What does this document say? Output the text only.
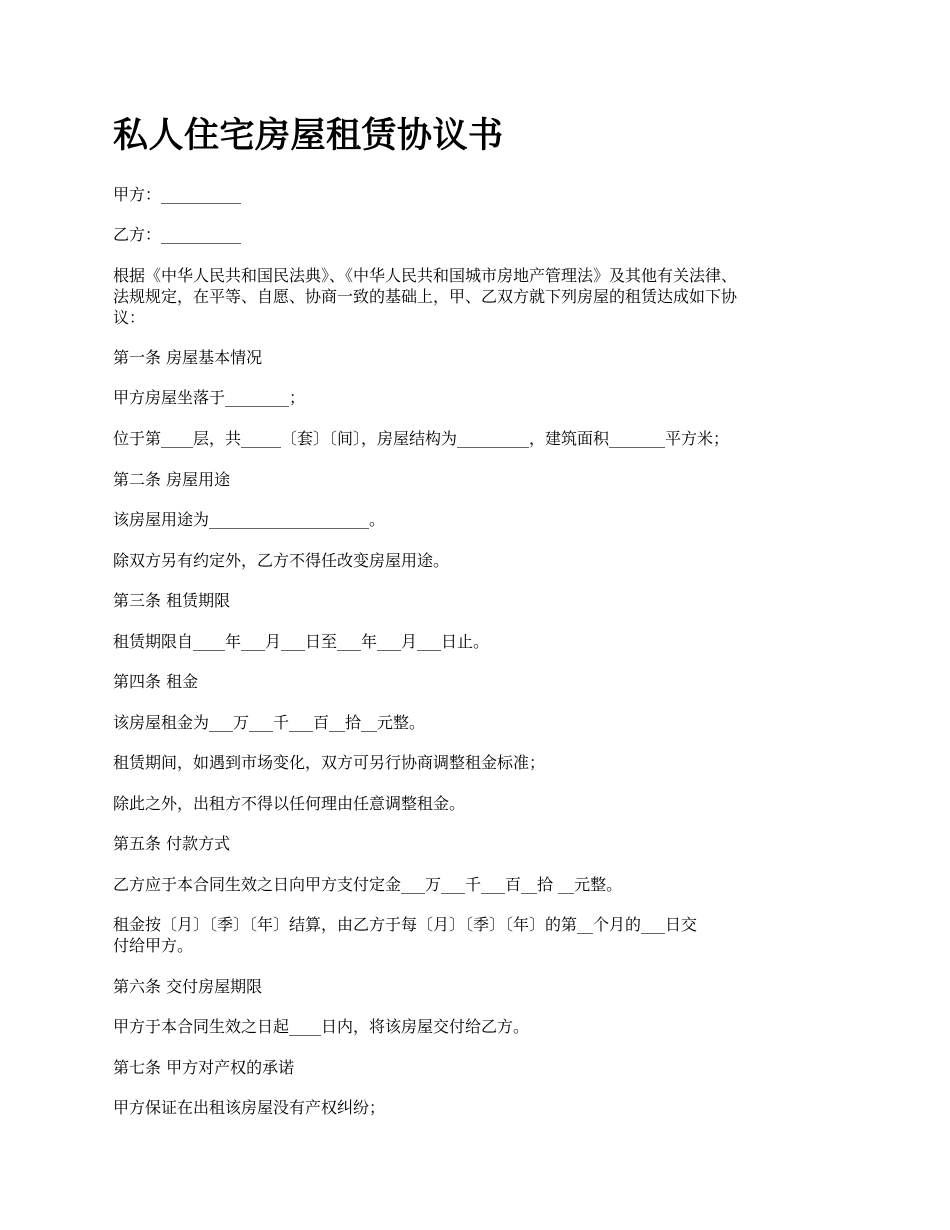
私人住宅房屋租赁协议书

甲方：__________

乙方：__________

根据《中华人民共和国民法典》、《中华人民共和国城市房地产管理法》及其他有关法律、
法规规定，在平等、自愿、协商一致的基础上，甲、乙双方就下列房屋的租赁达成如下协
议：

第一条 房屋基本情况

甲方房屋坐落于________；

位于第____层，共_____〔套〕〔间〕，房屋结构为_________，建筑面积_______平方米；

第二条 房屋用途

该房屋用途为____________________。

除双方另有约定外，乙方不得任改变房屋用途。

第三条 租赁期限

租赁期限自____年___月___日至___年___月___日止。

第四条 租金

该房屋租金为___万___千___百__拾__元整。

租赁期间，如遇到市场变化，双方可另行协商调整租金标准；

除此之外，出租方不得以任何理由任意调整租金。

第五条 付款方式

乙方应于本合同生效之日向甲方支付定金___万___千___百__拾 __元整。

租金按〔月〕〔季〕〔年〕结算，由乙方于每〔月〕〔季〕〔年〕的第__个月的___日交
付给甲方。

第六条 交付房屋期限

甲方于本合同生效之日起____日内，将该房屋交付给乙方。

第七条 甲方对产权的承诺

甲方保证在出租该房屋没有产权纠纷；
